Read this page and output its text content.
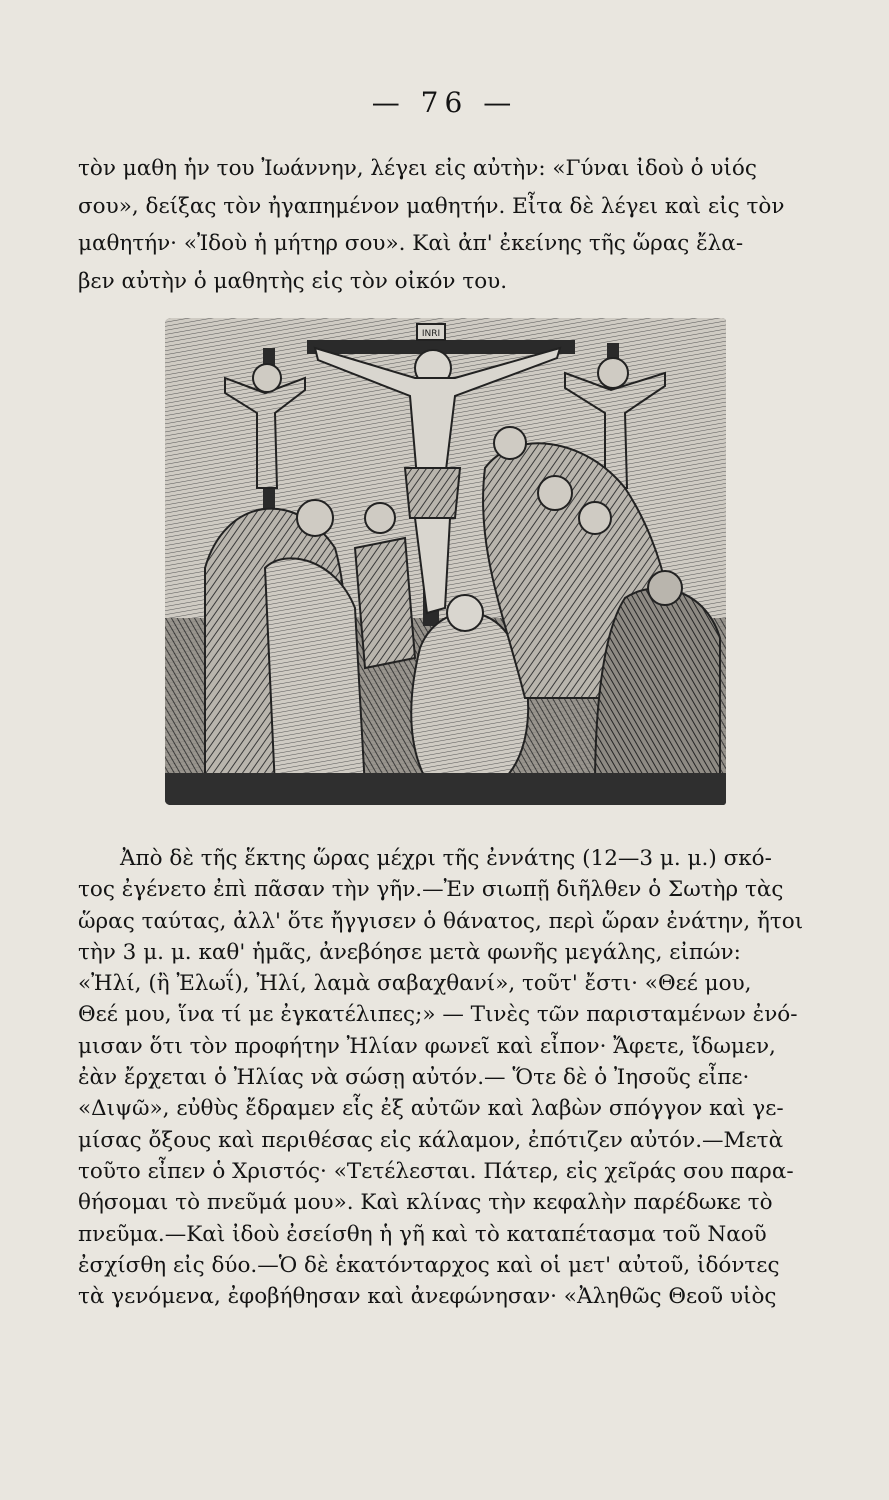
— 76 —
τὸν μαθη ἡν του Ἰωάννην, λέγει εἰς αὐτὴν: «Γύναι ἰδοὺ ὁ υἱός
σου», δείξας τὸν ἠγαπημένον μαθητήν. Εἶτα δὲ λέγει καὶ εἰς τὸν
μαθητήν· «Ἰδοὺ ἡ μήτηρ σου». Καὶ ἀπ' ἐκείνης τῆς ὥρας ἔλα-
βεν αὐτὴν ὁ μαθητὴς εἰς τὸν οἰκόν του.
INRI
Ἀπὸ δὲ τῆς ἕκτης ὥρας μέχρι τῆς ἐννάτης (12—3 μ. μ.) σκό-
τος ἐγένετο ἐπὶ πᾶσαν τὴν γῆν.—Ἐν σιωπῇ διῆλθεν ὁ Σωτὴρ τὰς
ὥρας ταύτας, ἀλλ' ὅτε ἤγγισεν ὁ θάνατος, περὶ ὥραν ἐνάτην, ἤτοι
τὴν 3 μ. μ. καθ' ἡμᾶς, ἀνεβόησε μετὰ φωνῆς μεγάλης, εἰπών:
«Ἠλί, (ἢ Ἐλωΐ), Ἠλί, λαμὰ σαβαχθανί», τοῦτ' ἔστι· «Θεέ μου,
Θεέ μου, ἵνα τί με ἐγκατέλιπες;» — Τινὲς τῶν παρισταμένων ἐνό-
μισαν ὅτι τὸν προφήτην Ἠλίαν φωνεῖ καὶ εἶπον· Ἄφετε, ἴδωμεν,
ἐὰν ἔρχεται ὁ Ἠλίας νὰ σώσῃ αὐτόν.— Ὅτε δὲ ὁ Ἰησοῦς εἶπε·
«Διψῶ», εὐθὺς ἔδραμεν εἷς ἐξ αὐτῶν καὶ λαβὼν σπόγγον καὶ γε-
μίσας ὄξους καὶ περιθέσας εἰς κάλαμον, ἐπότιζεν αὐτόν.—Μετὰ
τοῦτο εἶπεν ὁ Χριστός· «Τετέλεσται. Πάτερ, εἰς χεῖράς σου παρα-
θήσομαι τὸ πνεῦμά μου». Καὶ κλίνας τὴν κεφαλὴν παρέδωκε τὸ
πνεῦμα.—Καὶ ἰδοὺ ἐσείσθη ἡ γῆ καὶ τὸ καταπέτασμα τοῦ Ναοῦ
ἐσχίσθη εἰς δύο.—Ὁ δὲ ἑκατόνταρχος καὶ οἱ μετ' αὐτοῦ, ἰδόντες
τὰ γενόμενα, ἐφοβήθησαν καὶ ἀνεφώνησαν· «Ἀληθῶς Θεοῦ υἱὸς
